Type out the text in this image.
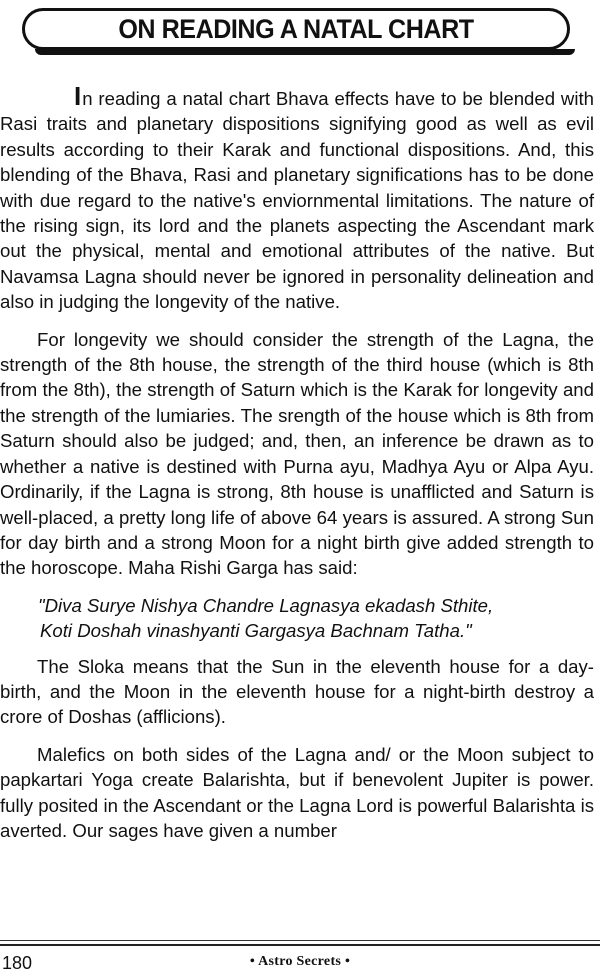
ON READING A NATAL CHART

In reading a natal chart Bhava effects have to be blended with Rasi traits and planetary dispositions signifying good as well as evil results according to their Karak and functional dispositions. And, this blending of the Bhava, Rasi and planetary significations has to be done with due regard to the native's enviornmental limitations. The nature of the rising sign, its lord and the planets aspecting the Ascendant mark out the physical, mental and emotional attributes of the native. But Navamsa Lagna should never be ignored in personality delineation and also in judging the longevity of the native.

For longevity we should consider the strength of the Lagna, the strength of the 8th house, the strength of the third house (which is 8th from the 8th), the strength of Saturn which is the Karak for longevity and the strength of the lumiaries. The srength of the house which is 8th from Saturn should also be judged; and, then, an inference be drawn as to whether a native is destined with Purna ayu, Madhya Ayu or Alpa Ayu. Ordinarily, if the Lagna is strong, 8th house is unafflicted and Saturn is well-placed, a pretty long life of above 64 years is assured. A strong Sun for day birth and a strong Moon for a night birth give added strength to the horoscope. Maha Rishi Garga has said:

"Diva Surye Nishya Chandre Lagnasya ekadash Sthite,
Koti Doshah vinashyanti Gargasya Bachnam Tatha."

The Sloka means that the Sun in the eleventh house for a day-birth, and the Moon in the eleventh house for a night-birth destroy a crore of Doshas (afflicions).

Malefics on both sides of the Lagna and/ or the Moon subject to papkartari Yoga create Balarishta, but if benevolent Jupiter is power. fully posited in the Ascendant or the Lagna Lord is powerful Balarishta is averted. Our sages have given a number

180	• Astro Secrets •
